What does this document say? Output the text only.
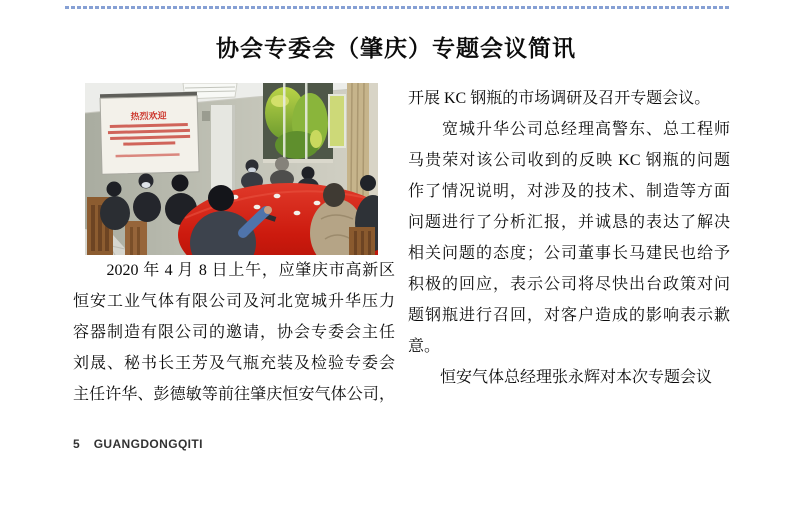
协会专委会（肇庆）专题会议简讯
热烈欢迎
　　2020 年 4 月 8 日上午，应肇庆市高新区
恒安工业气体有限公司及河北宽城升华压力
容器制造有限公司的邀请，协会专委会主任
刘晟、秘书长王芳及气瓶充装及检验专委会
主任许华、彭德敏等前往肇庆恒安气体公司，
开展 KC 钢瓶的市场调研及召开专题会议。
　　宽城升华公司总经理高警东、总工程师
马贵荣对该公司收到的反映 KC 钢瓶的问题
作了情况说明，对涉及的技术、制造等方面
问题进行了分析汇报，并诚恳的表达了解决
相关问题的态度；公司董事长马建民也给予
积极的回应，表示公司将尽快出台政策对问
题钢瓶进行召回，对客户造成的影响表示歉
意。
　　恒安气体总经理张永辉对本次专题会议
5 GUANGDONGQITI
